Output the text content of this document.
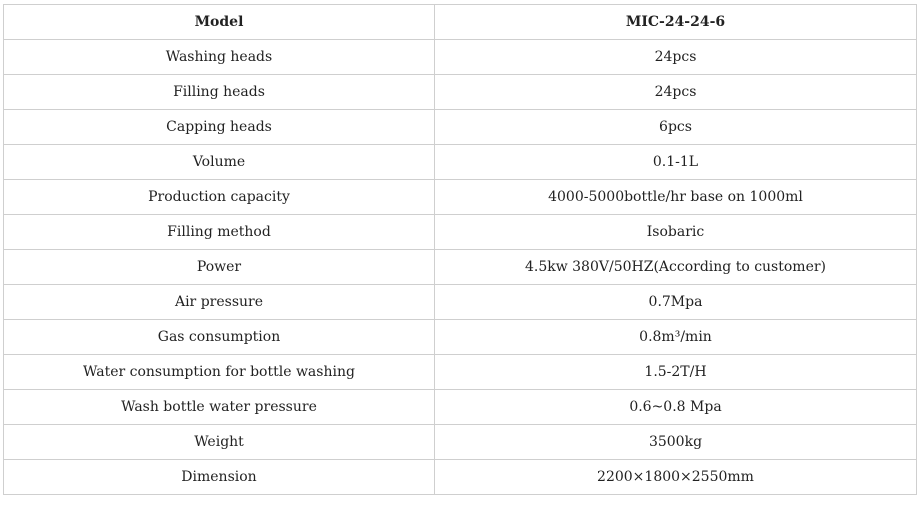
Model	MIC-24-24-6
Washing heads	24pcs
Filling heads	24pcs
Capping heads	6pcs
Volume	0.1-1L
Production capacity	4000-5000bottle/hr base on 1000ml
Filling method	Isobaric
Power	4.5kw 380V/50HZ(According to customer)
Air pressure	0.7Mpa
Gas consumption	0.8m³/min
Water consumption for bottle washing	1.5-2T/H
Wash bottle water pressure	0.6~0.8 Mpa
Weight	3500kg
Dimension	2200×1800×2550mm
